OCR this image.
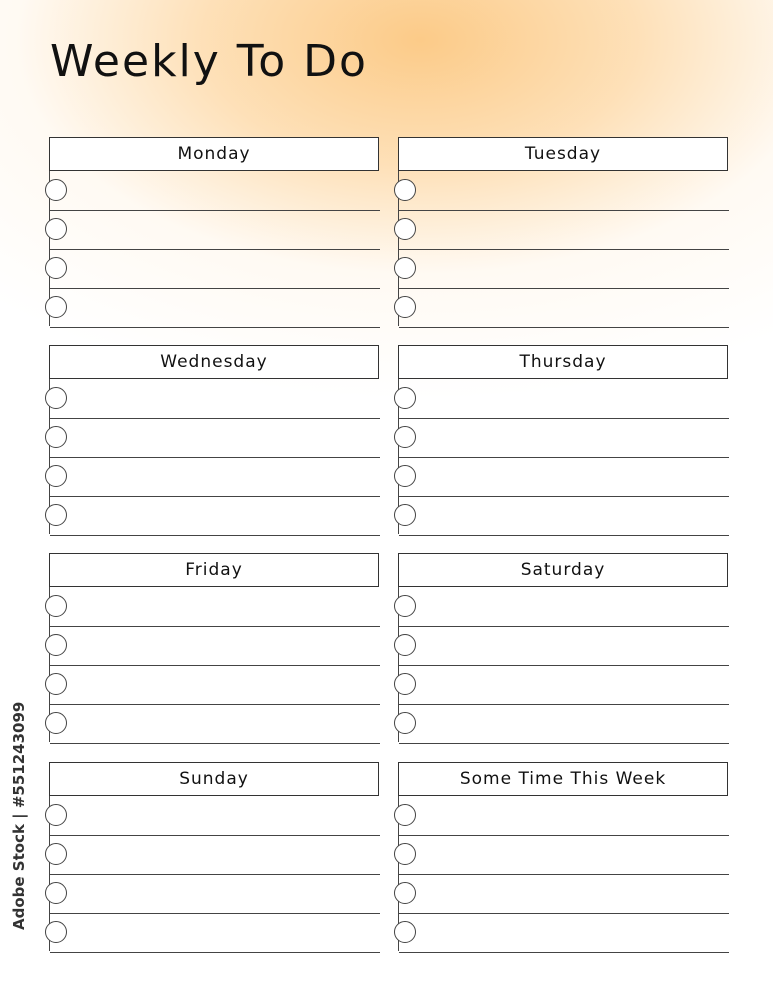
Weekly To Do
Monday	Tuesday
Wednesday	Thursday
Friday	Saturday
Sunday	Some Time This Week
Adobe Stock | #551243099
